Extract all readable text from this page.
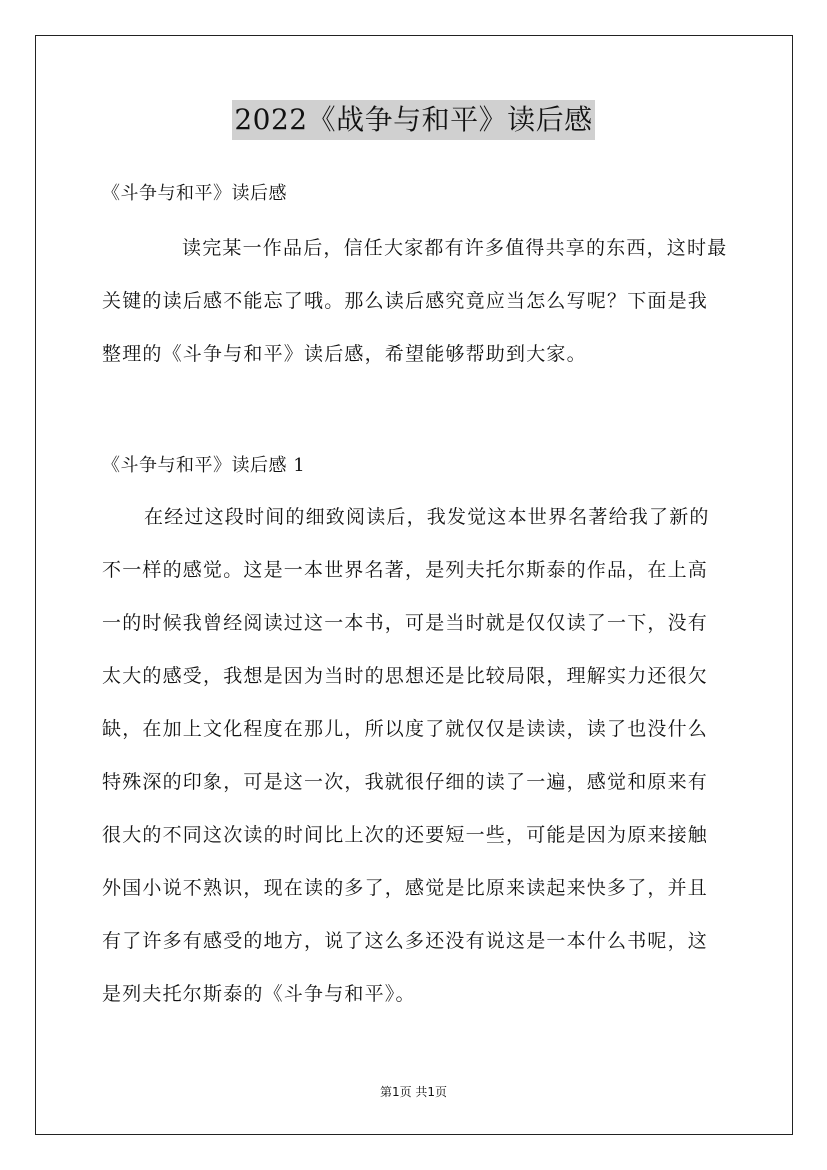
2022《战争与和平》读后感
《斗争与和平》读后感
读完某一作品后，信任大家都有许多值得共享的东西，这时最关键的读后感不能忘了哦。那么读后感究竟应当怎么写呢？下面是我整理的《斗争与和平》读后感，希望能够帮助到大家。
《斗争与和平》读后感 1
在经过这段时间的细致阅读后，我发觉这本世界名著给我了新的不一样的感觉。这是一本世界名著，是列夫托尔斯泰的作品，在上高一的时候我曾经阅读过这一本书，可是当时就是仅仅读了一下，没有太大的感受，我想是因为当时的思想还是比较局限，理解实力还很欠缺，在加上文化程度在那儿，所以度了就仅仅是读读，读了也没什么特殊深的印象，可是这一次，我就很仔细的读了一遍，感觉和原来有很大的不同这次读的时间比上次的还要短一些，可能是因为原来接触外国小说不熟识，现在读的多了，感觉是比原来读起来快多了，并且有了许多有感受的地方，说了这么多还没有说这是一本什么书呢，这是列夫托尔斯泰的《斗争与和平》。
第1页 共1页
